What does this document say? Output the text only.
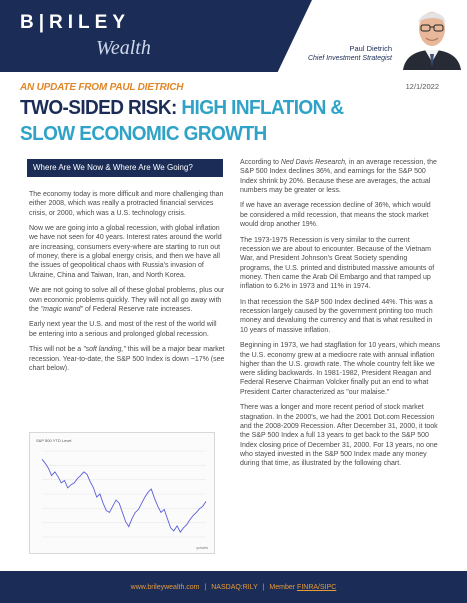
B|RILEY
Wealth	Paul Dietrich
Chief Investment Strategist
AN UPDATE FROM PAUL DIETRICH	12/1/2022
TWO-SIDED RISK: HIGH INFLATION & SLOW ECONOMIC GROWTH
Where Are We Now & Where Are We Going?

The economy today is more difficult and more challenging than either 2008, which was really a protracted financial services crisis, or 2000, which was a U.S. technology crisis.

Now we are going into a global recession, with global inflation we have not seen for 40 years. Interest rates around the world are increasing, consumers every-where are starting to run out of money, there is a global energy crisis, and then we have all the issues of geopolitical chaos with Russia's invasion of Ukraine, China and Taiwan, Iran, and North Korea.

We are not going to solve all of these global problems, plus our own economic problems quickly. They will not all go away with the "magic wand" of Federal Reserve rate increases.

Early next year the U.S. and most of the rest of the world will be entering into a serious and prolonged global recession.

This will not be a "soft landing," this will be a major bear market recession. Year-to-date, the S&P 500 Index is down ~17% (see chart below).

S&P 500 YTD Level
ycharts

According to Ned Davis Research, in an average recession, the S&P 500 Index declines 36%, and earnings for the S&P 500 Index shrink by 20%. Because these are averages, the actual numbers may be greater or less.

If we have an average recession decline of 36%, which would be considered a mild recession, that means the stock market would drop another 19%.

The 1973-1975 Recession is very similar to the current recession we are about to encounter. Because of the Vietnam War, and President Johnson's Great Society spending programs, the U.S. printed and distributed massive amounts of money. Then came the Arab Oil Embargo and that ramped up inflation to 6.2% in 1973 and 11% in 1974.

In that recession the S&P 500 Index declined 44%. This was a recession largely caused by the government printing too much money and devaluing the currency and that is what resulted in 10 years of massive inflation.

Beginning in 1973, we had stagflation for 10 years, which means the U.S. economy grew at a mediocre rate with annual inflation higher than the U.S. growth rate. The whole country felt like we were sliding backwards. In 1981-1982, President Reagan and Federal Reserve Chairman Volcker finally put an end to what President Carter characterized as "our malaise."

There was a longer and more recent period of stock market stagnation. In the 2000's, we had the 2001 Dot.com Recession and the 2008-2009 Recession. After December 31, 2000, it took the S&P 500 Index a full 13 years to get back to the S&P 500 Index closing price of December 31, 2000. For 13 years, no one who stayed invested in the S&P 500 Index made any money during that time, as illustrated by the following chart.

www.brileywealth.com | NASDAQ:RILY | Member FINRA/SIPC
